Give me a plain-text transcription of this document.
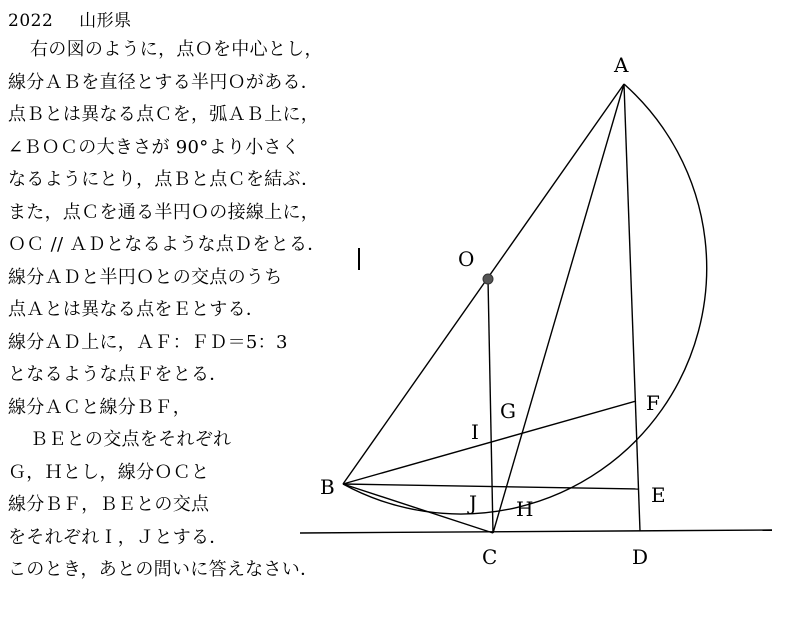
2022 山形県
右の図のように，点Ｏを中心とし，
線分ＡＢを直径とする半円Ｏがある．
点Ｂとは異なる点Ｃを，弧ＡＢ上に，
∠ＢＯＣの大きさが 90°より小さく
なるようにとり，点Ｂと点Ｃを結ぶ．
また，点Ｃを通る半円Ｏの接線上に，
ＯＣ // ＡＤとなるような点Ｄをとる．
線分ＡＤと半円Ｏとの交点のうち
点Ａとは異なる点をＥとする．
線分ＡＤ上に，ＡＦ：ＦＤ＝5：3
となるような点Ｆをとる．
線分ＡＣと線分ＢＦ，
ＢＥとの交点をそれぞれ
Ｇ，Ｈとし，線分ＯＣと
線分ＢＦ，ＢＥとの交点
をそれぞれＩ，Ｊとする．
このとき，あとの問いに答えなさい．
A
O
B
C	D
E
F
G
H
I
J
